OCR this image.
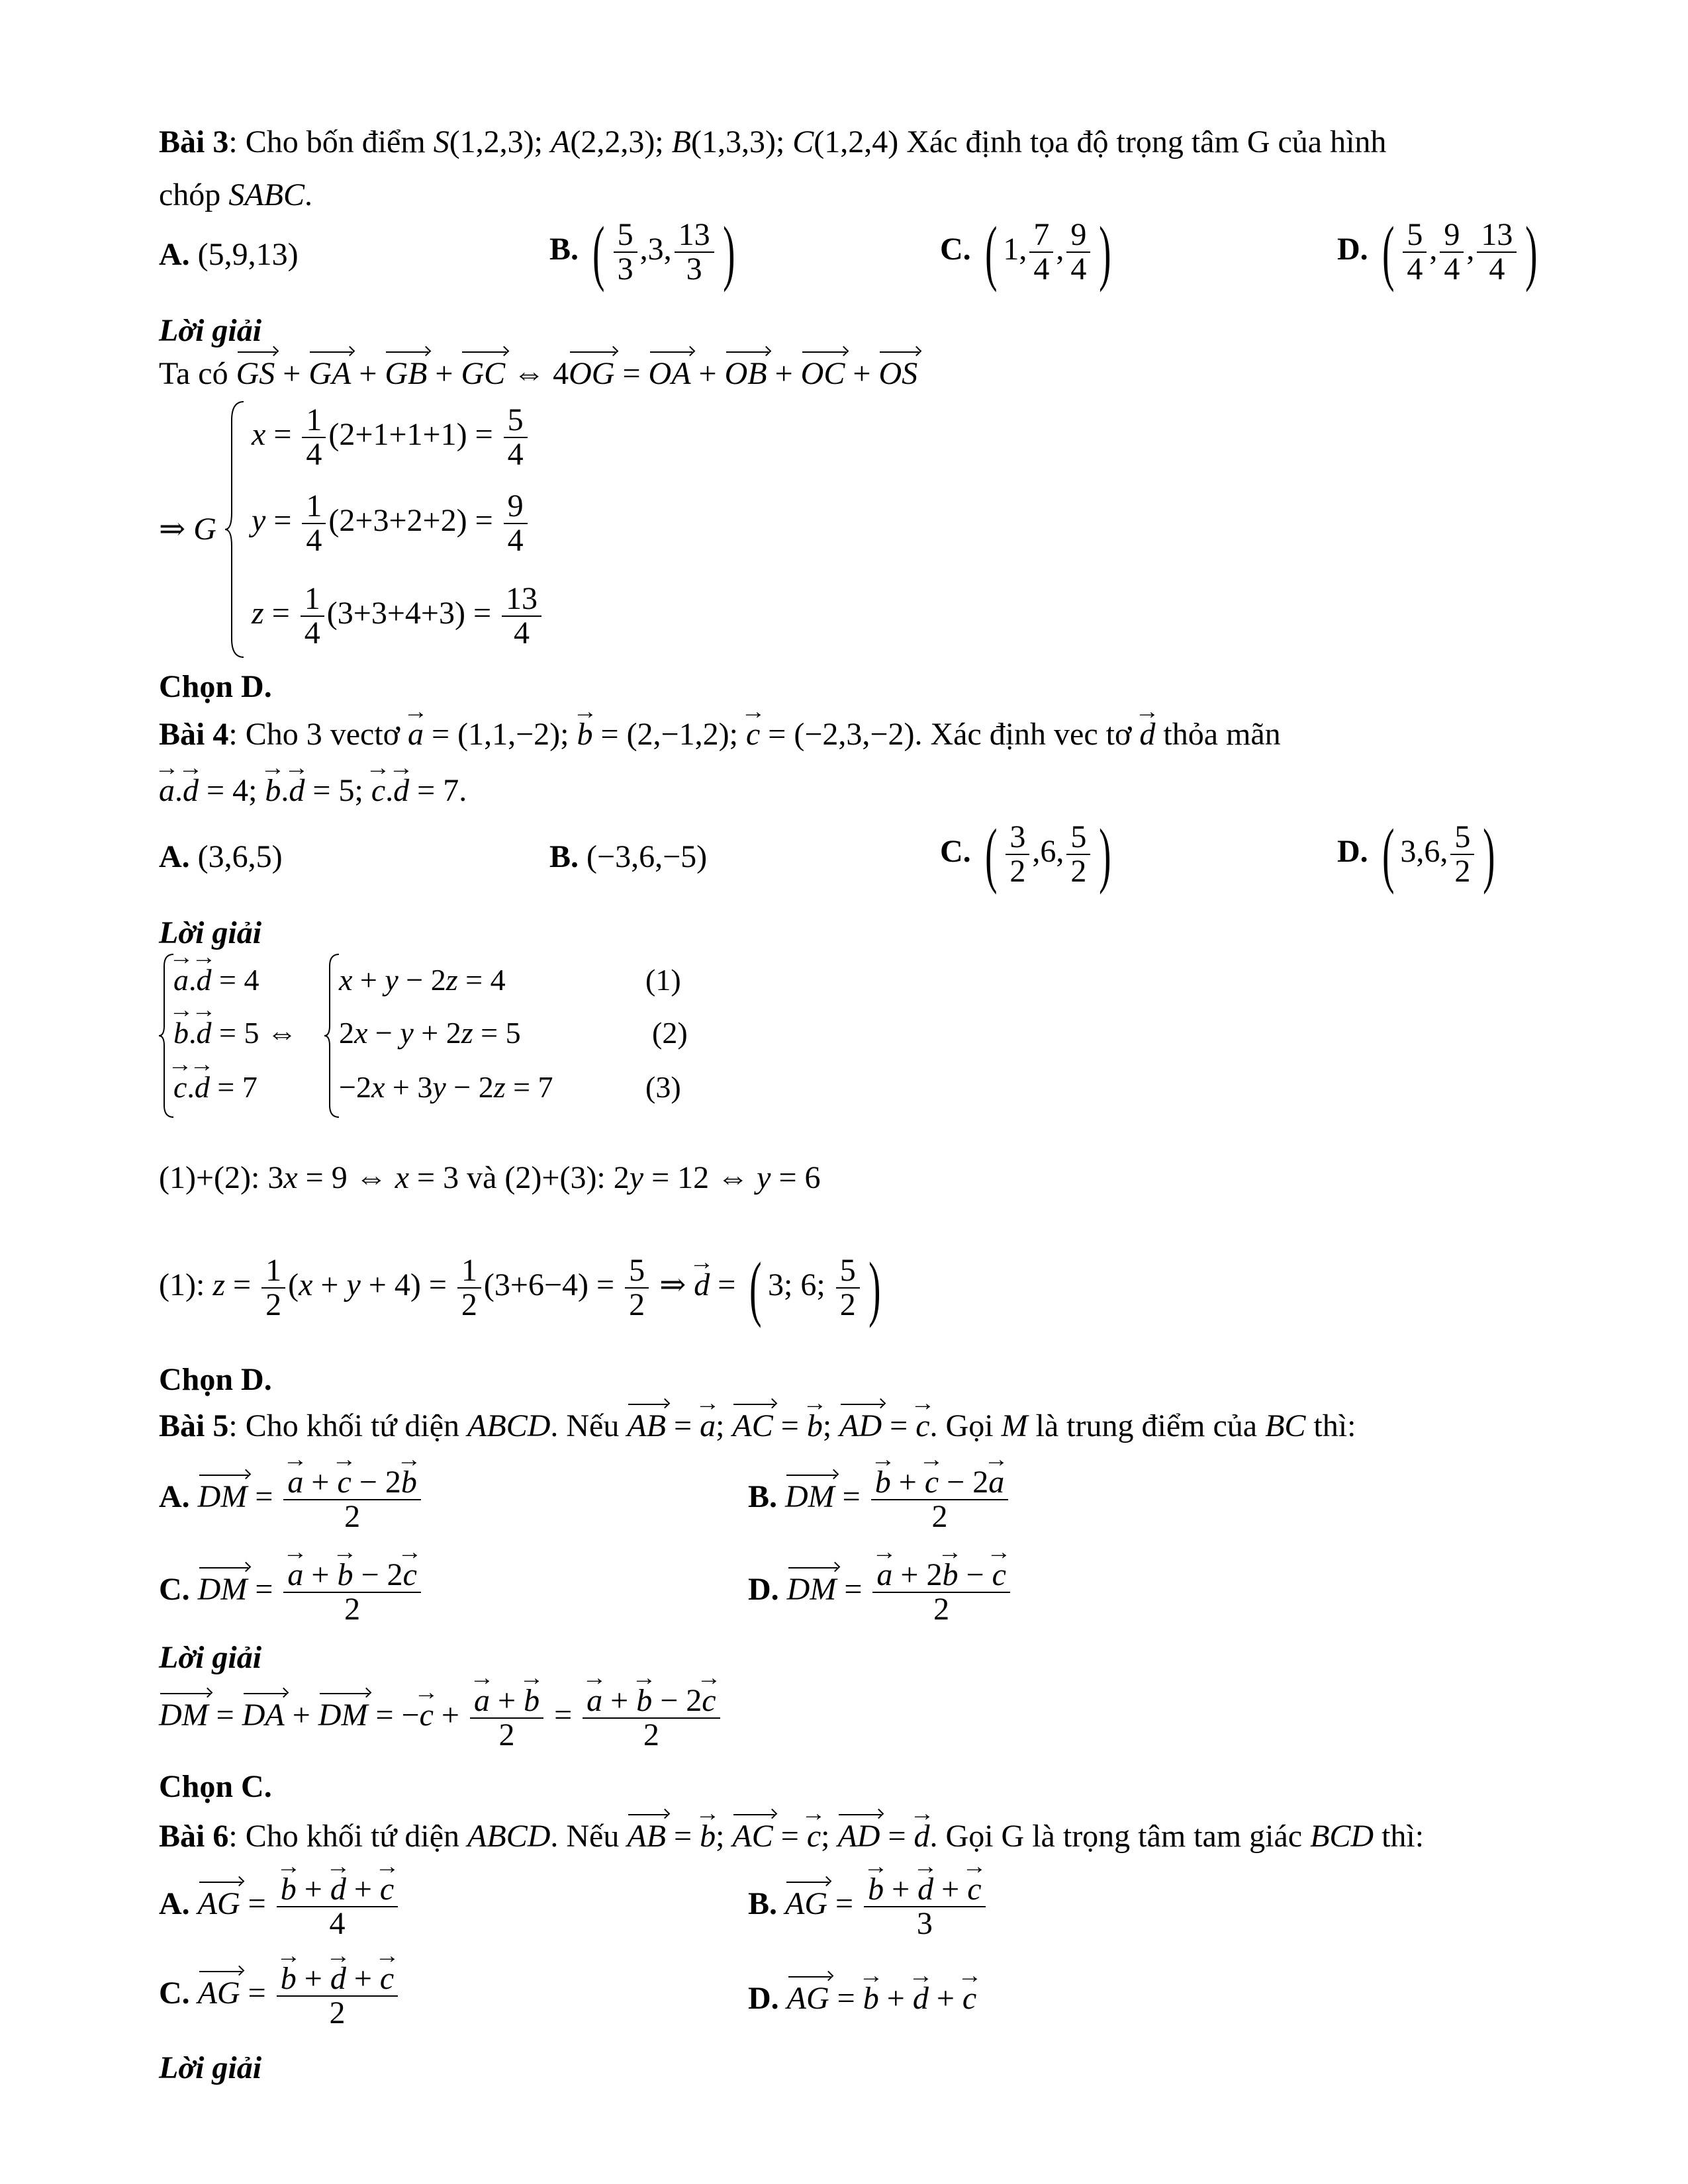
Bài 3: Cho bốn điểm S(1,2,3); A(2,2,3); B(1,3,3); C(1,2,4) Xác định tọa độ trọng tâm G của hình
chóp SABC.
A. (5,9,13)	B. ( $\frac{5}{3} ,3$, $\frac{13}{3}$ )	C. ( 1, $\frac{7}{4}$ , $\frac{9}{4}$ )	D. ( $\frac{5}{4}$ , $\frac{9}{4}$ , $\frac{13}{4}$ )
Lời giải
Ta có GS + GA + GB + GC ⇔ 4OG = OA + OB + OC + OS
⇒ G
$x = \frac{1}{4} (2+1+1+1) = \frac{5}{4}$
$y = \frac{1}{4} (2+3+2+2) = \frac{9}{4}$
$z = \frac{1}{4} (3+3+4+3) = \frac{13}{4}$
Chọn D.
Bài 4: Cho 3 vectơ → a = (1,1,−2); → b = (2,−1,2); → c = (−2,3,−2). Xác định vec tơ → d thỏa mãn
→ a.→ d = 4; → b.→ d = 5; → c.→ d = 7.
A. (3,6,5)	B. (−3,6,−5)	C. ( $\frac{3}{2} ,6$, $\frac{5}{2}$ )	D. ( 3,6, $\frac{5}{2}$ )
Lời giải
→ a.→ d = 4
→ b.→ d = 5 ⇔
→ c.→ d = 7
x + y − 2z = 4
2x − y + 2z = 5
−2x + 3y − 2z = 7
(1)
(2)
(3)
(1)+(2): 3x = 9 ⇔ x = 3 và (2)+(3): 2y = 12 ⇔ y = 6
(1): $z = \frac{1}{2} (x + y + 4) = \frac{1}{2} (3+6-4) = \frac{5}{2}$ ⇒ → d = ( 3; 6; $\frac{5}{2}$ )
Chọn D.
Bài 5: Cho khối tứ diện ABCD. Nếu AB = → a; AC = → b; AD = → c. Gọi M là trung điểm của BC thì:
A. DM = → $\frac{a + \to c - 2\to b}{2}$	B. DM = → $\frac{b + \to c - 2\to a}{2}$
C. DM = → $\frac{a + \to b - 2\to c}{2}$	D. DM = → $\frac{a + 2\to b - \to c}{2}$
Lời giải
DM = DA + DM = −→ c + → $\frac{a + \to b}{2}$ = → $\frac{a + \to b - 2\to c}{2}$
Chọn C.
Bài 6: Cho khối tứ diện ABCD. Nếu AB = → b; AC = → c; AD = → d. Gọi G là trọng tâm tam giác BCD thì:
A. AG = → $\frac{b + \to d + \to c}{4}$	B. AG = → $\frac{b + \to d + \to c}{3}$
C. AG = → $\frac{b + \to d + \to c}{2}$	D. AG = → b + → d + → c
Lời giải
